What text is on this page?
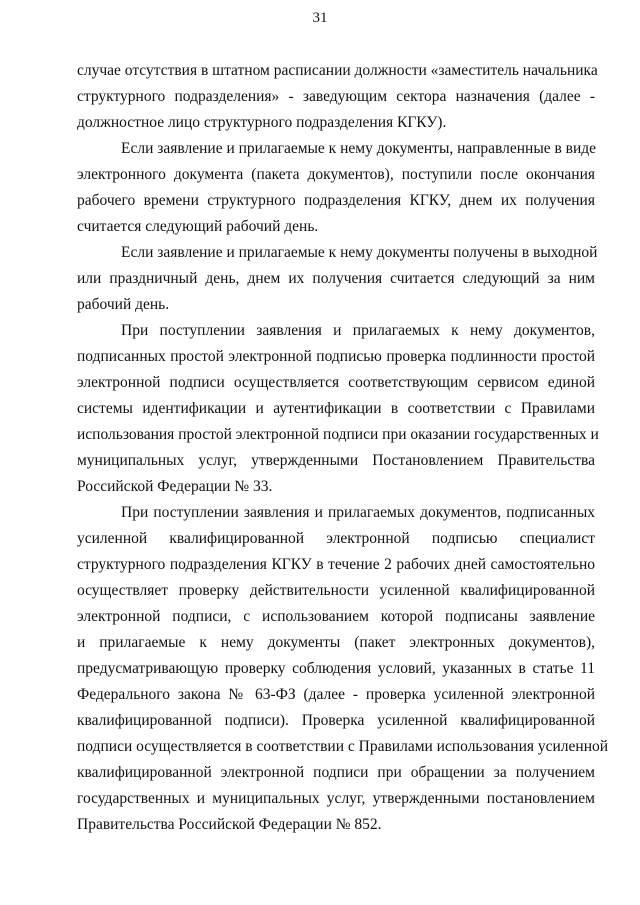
31
случае отсутствия в штатном расписании должности «заместитель начальника
структурного подразделения» - заведующим сектора назначения (далее -
должностное лицо структурного подразделения КГКУ).
Если заявление и прилагаемые к нему документы, направленные в виде
электронного документа (пакета документов), поступили после окончания
рабочего времени структурного подразделения КГКУ, днем их получения
считается следующий рабочий день.
Если заявление и прилагаемые к нему документы получены в выходной
или праздничный день, днем их получения считается следующий за ним
рабочий день.
При поступлении заявления и прилагаемых к нему документов,
подписанных простой электронной подписью проверка подлинности простой
электронной подписи осуществляется соответствующим сервисом единой
системы идентификации и аутентификации в соответствии с Правилами
использования простой электронной подписи при оказании государственных и
муниципальных услуг, утвержденными Постановлением Правительства
Российской Федерации № 33.
При поступлении заявления и прилагаемых документов, подписанных
усиленной квалифицированной электронной подписью специалист
структурного подразделения КГКУ в течение 2 рабочих дней самостоятельно
осуществляет проверку действительности усиленной квалифицированной
электронной подписи, с использованием которой подписаны заявление
и прилагаемые к нему документы (пакет электронных документов),
предусматривающую проверку соблюдения условий, указанных в статье 11
Федерального закона № 63-ФЗ (далее - проверка усиленной электронной
квалифицированной подписи). Проверка усиленной квалифицированной
подписи осуществляется в соответствии с Правилами использования усиленной
квалифицированной электронной подписи при обращении за получением
государственных и муниципальных услуг, утвержденными постановлением
Правительства Российской Федерации № 852.
